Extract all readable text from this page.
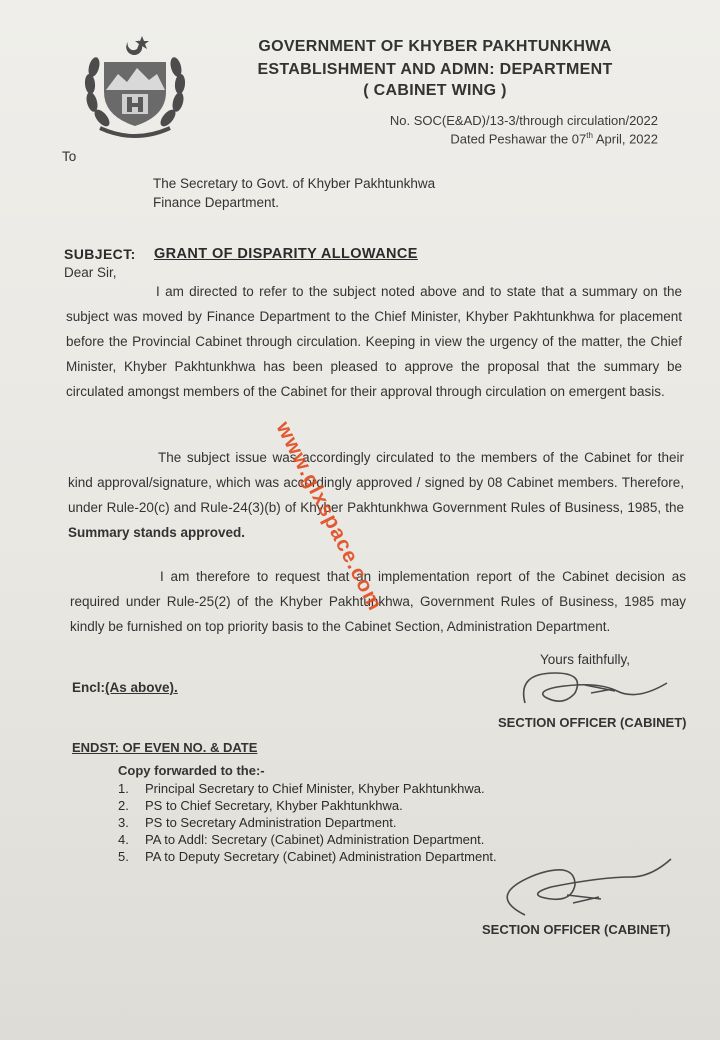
GOVERNMENT OF KHYBER PAKHTUNKHWA
ESTABLISHMENT AND ADMN: DEPARTMENT
( CABINET WING )
No. SOC(E&AD)/13-3/through circulation/2022
Dated Peshawar the 07th April, 2022
To
The Secretary to Govt. of Khyber Pakhtunkhwa
Finance Department.
SUBJECT: GRANT OF DISPARITY ALLOWANCE
Dear Sir,
I am directed to refer to the subject noted above and to state that a summary on the subject was moved by Finance Department to the Chief Minister, Khyber Pakhtunkhwa for placement before the Provincial Cabinet through circulation. Keeping in view the urgency of the matter, the Chief Minister, Khyber Pakhtunkhwa has been pleased to approve the proposal that the summary be circulated amongst members of the Cabinet for their approval through circulation on emergent basis.
The subject issue was accordingly circulated to the members of the Cabinet for their kind approval/signature, which was accordingly approved / signed by 08 Cabinet members. Therefore, under Rule-20(c) and Rule-24(3)(b) of Khyber Pakhtunkhwa Government Rules of Business, 1985, the Summary stands approved.
I am therefore to request that an implementation report of the Cabinet decision as required under Rule-25(2) of the Khyber Pakhtunkhwa, Government Rules of Business, 1985 may kindly be furnished on top priority basis to the Cabinet Section, Administration Department.
www.glxspace.com
Yours faithfully,
Encl:(As above).
SECTION OFFICER (CABINET)
ENDST: OF EVEN NO. & DATE
Copy forwarded to the:-
1.	Principal Secretary to Chief Minister, Khyber Pakhtunkhwa.
2.	PS to Chief Secretary, Khyber Pakhtunkhwa.
3.	PS to Secretary Administration Department.
4.	PA to Addl: Secretary (Cabinet) Administration Department.
5.	PA to Deputy Secretary (Cabinet) Administration Department.
SECTION OFFICER (CABINET)
